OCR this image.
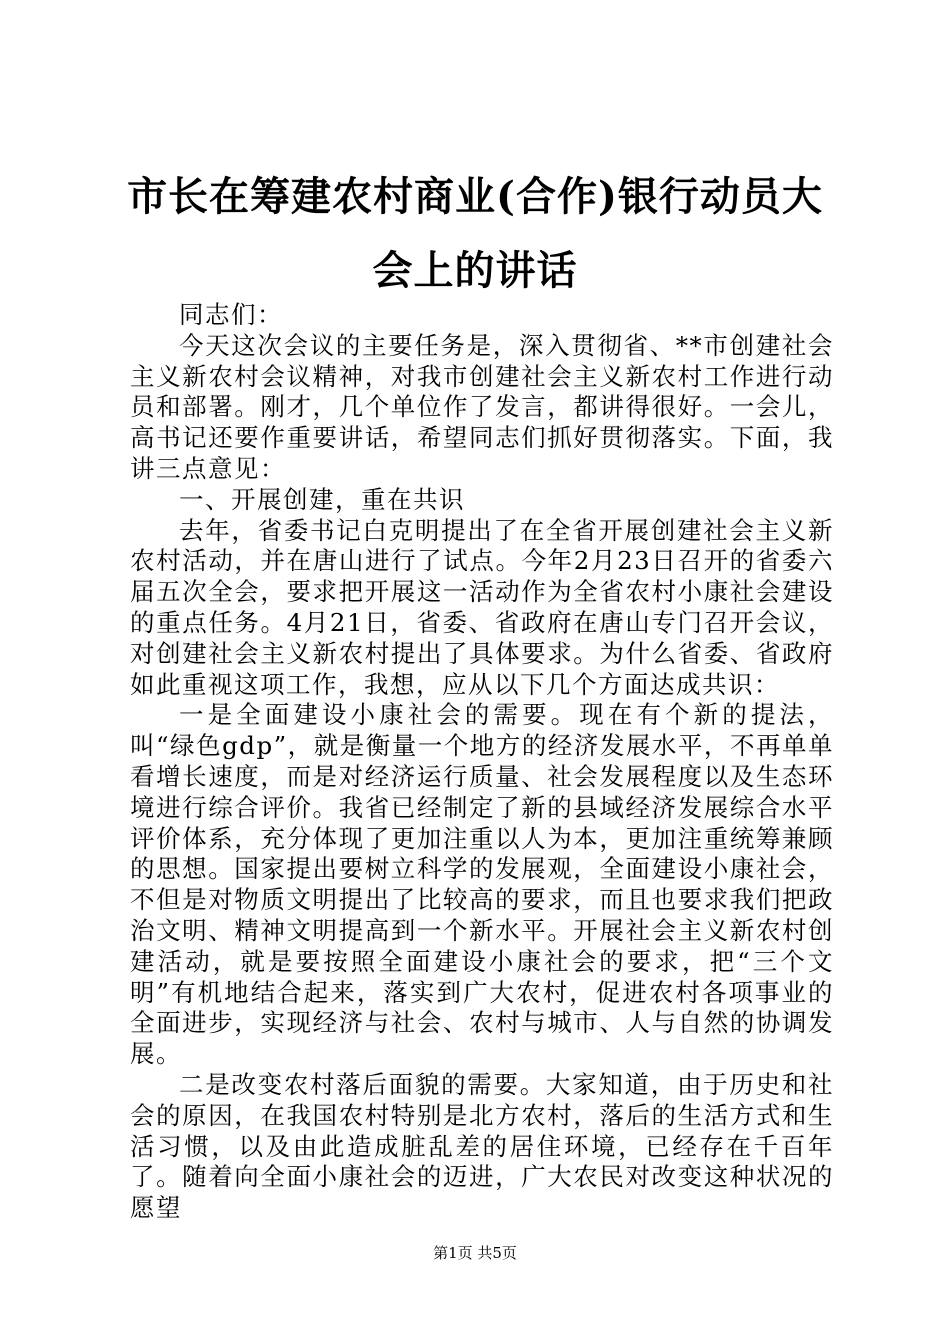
市长在筹建农村商业(合作)银行动员大会上的讲话

同志们：

今天这次会议的主要任务是，深入贯彻省、**市创建社会主义新农村会议精神，对我市创建社会主义新农村工作进行动员和部署。刚才，几个单位作了发言，都讲得很好。一会儿，高书记还要作重要讲话，希望同志们抓好贯彻落实。下面，我讲三点意见：

一、开展创建，重在共识

去年，省委书记白克明提出了在全省开展创建社会主义新农村活动，并在唐山进行了试点。今年2月23日召开的省委六届五次全会，要求把开展这一活动作为全省农村小康社会建设的重点任务。4月21日，省委、省政府在唐山专门召开会议，对创建社会主义新农村提出了具体要求。为什么省委、省政府如此重视这项工作，我想，应从以下几个方面达成共识：

一是全面建设小康社会的需要。现在有个新的提法，叫“绿色gdp”，就是衡量一个地方的经济发展水平，不再单单看增长速度，而是对经济运行质量、社会发展程度以及生态环境进行综合评价。我省已经制定了新的县域经济发展综合水平评价体系，充分体现了更加注重以人为本，更加注重统筹兼顾的思想。国家提出要树立科学的发展观，全面建设小康社会，不但是对物质文明提出了比较高的要求，而且也要求我们把政治文明、精神文明提高到一个新水平。开展社会主义新农村创建活动，就是要按照全面建设小康社会的要求，把“三个文明”有机地结合起来，落实到广大农村，促进农村各项事业的全面进步，实现经济与社会、农村与城市、人与自然的协调发展。

二是改变农村落后面貌的需要。大家知道，由于历史和社会的原因，在我国农村特别是北方农村，落后的生活方式和生活习惯，以及由此造成脏乱差的居住环境，已经存在千百年了。随着向全面小康社会的迈进，广大农民对改变这种状况的愿望

第1页 共5页
